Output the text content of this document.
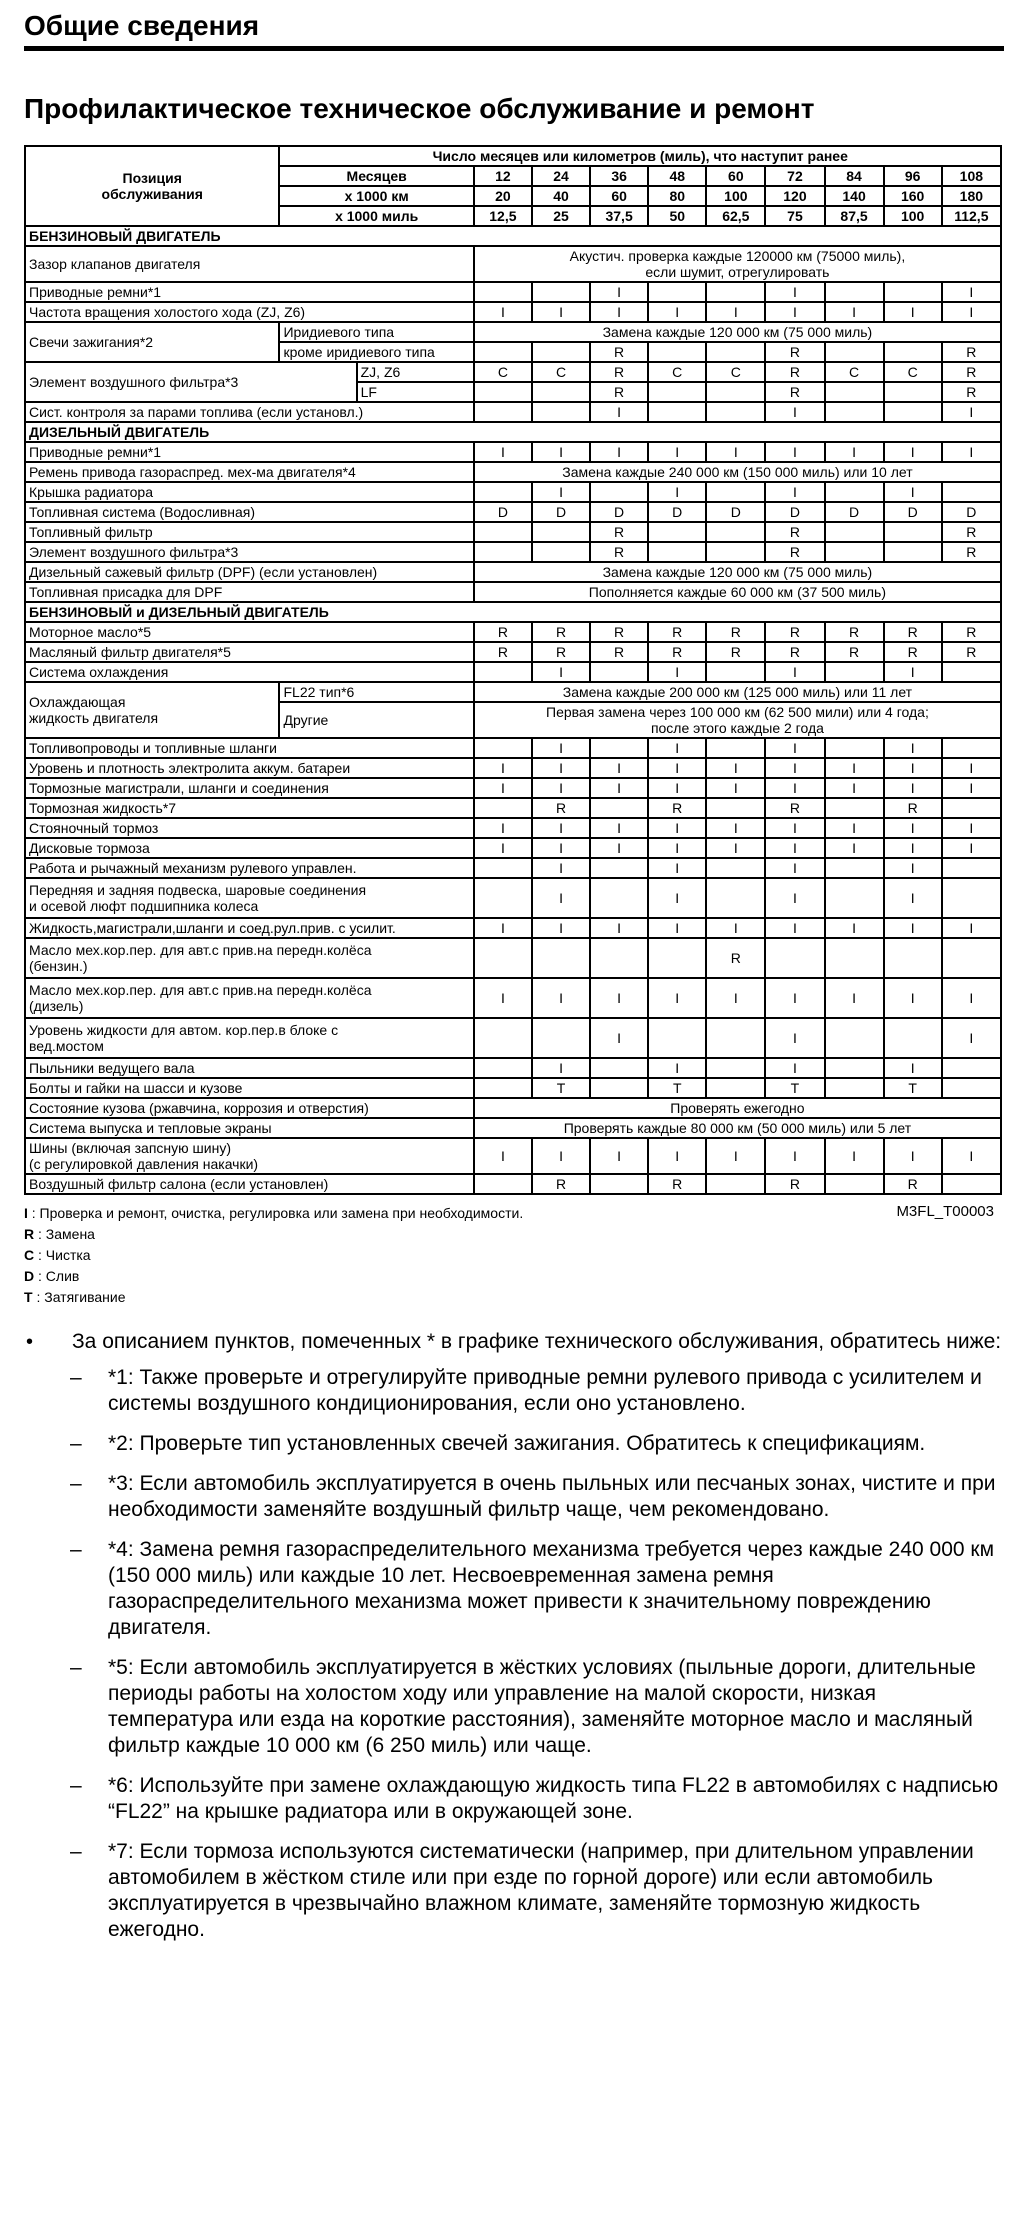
Общие сведения
Профилактическое техническое обслуживание и ремонт
Позиция
обслуживания	Число месяцев или километров (миль), что наступит ранее										
	Месяцев		12	24	36	48	60	72	84	96	108
	x 1000 км		20	40	60	80	100	120	140	160	180
	x 1000 миль		12,5	25	37,5	50	62,5	75	87,5	100	112,5
БЕНЗИНОВЫЙ ДВИГАТЕЛЬ											
Зазор клапанов двигателя			Акустич. проверка каждые 120000 км (75000 миль),
если шумит, отрегулировать								
Приводные ремни*1					I			I			I
Частота вращения холостого хода (ZJ, Z6)			I	I	I	I	I	I	I	I	I
Свечи зажигания*2	Иридиевого типа		Замена каждые 120 000 км (75 000 миль)								
	кроме иридиевого типа				R			R			R
Элемент воздушного фильтра*3		ZJ, Z6	C	C	R	C	C	R	C	C	R
		LF			R			R			R
Сист. контроля за парами топлива (если установл.)					I			I			I
ДИЗЕЛЬНЫЙ ДВИГАТЕЛЬ											
Приводные ремни*1			I	I	I	I	I	I	I	I	I
Ремень привода газораспред. мех-ма двигателя*4			Замена каждые 240 000 км (150 000 миль) или 10 лет								
Крышка радиатора				I		I		I		I	
Топливная система (Водосливная)			D	D	D	D	D	D	D	D	D
Топливный фильтр					R			R			R
Элемент воздушного фильтра*3					R			R			R
Дизельный сажевый фильтр (DPF) (если установлен)			Замена каждые 120 000 км (75 000 миль)								
Топливная присадка для DPF			Пополняется каждые 60 000 км (37 500 миль)								
БЕНЗИНОВЫЙ и ДИЗЕЛЬНЫЙ ДВИГАТЕЛЬ											
Моторное масло*5			R	R	R	R	R	R	R	R	R
Масляный фильтр двигателя*5			R	R	R	R	R	R	R	R	R
Система охлаждения				I		I		I		I	
Охлаждающая
жидкость двигателя	FL22 тип*6		Замена каждые 200 000 км (125 000 миль) или 11 лет								
	Другие		Первая замена через 100 000 км (62 500 мили) или 4 года;
после этого каждые 2 года								
Топливопроводы и топливные шланги				I		I		I		I	
Уровень и плотность электролита аккум. батареи			I	I	I	I	I	I	I	I	I
Тормозные магистрали, шланги и соединения			I	I	I	I	I	I	I	I	I
Тормозная жидкость*7				R		R		R		R	
Стояночный тормоз			I	I	I	I	I	I	I	I	I
Дисковые тормоза			I	I	I	I	I	I	I	I	I
Работа и рычажный механизм рулевого управлен.				I		I		I		I	
Передняя и задняя подвеска, шаровые соединения
и осевой люфт подшипника колеса				I		I		I		I	
Жидкость,магистрали,шланги и соед.рул.прив. с усилит.			I	I	I	I	I	I	I	I	I
Масло мех.кор.пер. для авт.с прив.на передн.колёса
(бензин.)							R				
Масло мех.кор.пер. для авт.с прив.на передн.колёса
(дизель)			I	I	I	I	I	I	I	I	I
Уровень жидкости для автом. кор.пер.в блоке с
вед.мостом					I			I			I
Пыльники ведущего вала				I		I		I		I	
Болты и гайки на шасси и кузове				T		T		T		T	
Состояние кузова (ржавчина, коррозия и отверстия)			Проверять ежегодно								
Система выпуска и тепловые экраны			Проверять каждые 80 000 км (50 000 миль) или 5 лет								
Шины (включая запсную шину)
(с регулировкой давления накачки)			I	I	I	I	I	I	I	I	I
Воздушный фильтр салона (если установлен)				R		R		R		R	
I : Проверка и ремонт, очистка, регулировка или замена при необходимости.
R : Замена
C : Чистка
D : Слив
T : Затягивание
M3FL_T00003
•	За описанием пунктов, помеченных * в графике технического обслуживания, обратитесь ниже:
–	*1: Также проверьте и отрегулируйте приводные ремни рулевого привода с усилителем и системы воздушного кондиционирования, если оно установлено.
–	*2: Проверьте тип установленных свечей зажигания. Обратитесь к спецификациям.
–	*3: Если автомобиль эксплуатируется в очень пыльных или песчаных зонах, чистите и при необходимости заменяйте воздушный фильтр чаще, чем рекомендовано.
–	*4: Замена ремня газораспределительного механизма требуется через каждые 240 000 км (150 000 миль) или каждые 10 лет. Несвоевременная замена ремня газораспределительного механизма может привести к значительному повреждению двигателя.
–	*5: Если автомобиль эксплуатируется в жёстких условиях (пыльные дороги, длительные периоды работы на холостом ходу или управление на малой скорости, низкая температура или езда на короткие расстояния), заменяйте моторное масло и масляный фильтр каждые 10 000 км (6 250 миль) или чаще.
–	*6: Используйте при замене охлаждающую жидкость типа FL22 в автомобилях с надписью “FL22” на крышке радиатора или в окружающей зоне.
–	*7: Если тормоза используются систематически (например, при длительном управлении автомобилем в жёстком стиле или при езде по горной дороге) или если автомобиль эксплуатируется в чрезвычайно влажном климате, заменяйте тормозную жидкость ежегодно.
